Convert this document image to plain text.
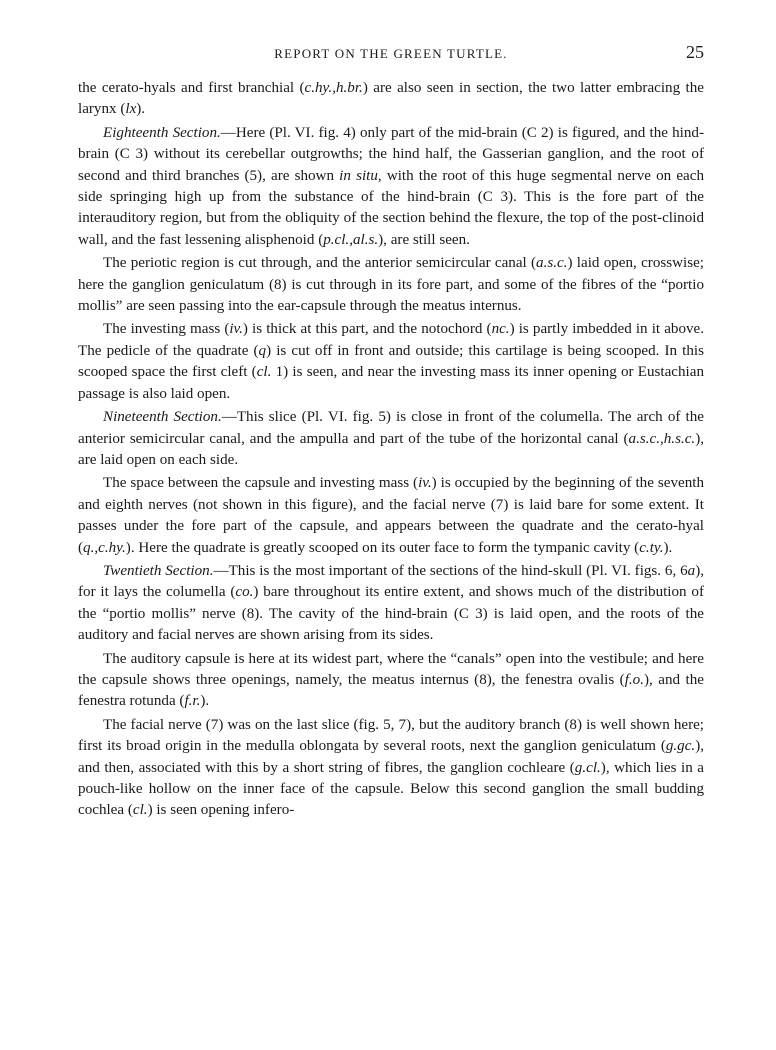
REPORT ON THE GREEN TURTLE.	25

the cerato-hyals and first branchial (c.hy.,h.br.) are also seen in section, the two latter embracing the larynx (lx).

Eighteenth Section.—Here (Pl. VI. fig. 4) only part of the mid-brain (C 2) is figured, and the hind-brain (C 3) without its cerebellar outgrowths; the hind half, the Gasserian ganglion, and the root of second and third branches (5), are shown in situ, with the root of this huge segmental nerve on each side springing high up from the substance of the hind-brain (C 3). This is the fore part of the interauditory region, but from the obliquity of the section behind the flexure, the top of the post-clinoid wall, and the fast lessening alisphenoid (p.cl.,al.s.), are still seen.

The periotic region is cut through, and the anterior semicircular canal (a.s.c.) laid open, crosswise; here the ganglion geniculatum (8) is cut through in its fore part, and some of the fibres of the “portio mollis” are seen passing into the ear-capsule through the meatus internus.

The investing mass (iv.) is thick at this part, and the notochord (nc.) is partly imbedded in it above. The pedicle of the quadrate (q) is cut off in front and outside; this cartilage is being scooped. In this scooped space the first cleft (cl. 1) is seen, and near the investing mass its inner opening or Eustachian passage is also laid open.

Nineteenth Section.—This slice (Pl. VI. fig. 5) is close in front of the columella. The arch of the anterior semicircular canal, and the ampulla and part of the tube of the horizontal canal (a.s.c.,h.s.c.), are laid open on each side.

The space between the capsule and investing mass (iv.) is occupied by the beginning of the seventh and eighth nerves (not shown in this figure), and the facial nerve (7) is laid bare for some extent. It passes under the fore part of the capsule, and appears between the quadrate and the cerato-hyal (q.,c.hy.). Here the quadrate is greatly scooped on its outer face to form the tympanic cavity (c.ty.).

Twentieth Section.—This is the most important of the sections of the hind-skull (Pl. VI. figs. 6, 6a), for it lays the columella (co.) bare throughout its entire extent, and shows much of the distribution of the “portio mollis” nerve (8). The cavity of the hind-brain (C 3) is laid open, and the roots of the auditory and facial nerves are shown arising from its sides.

The auditory capsule is here at its widest part, where the “canals” open into the vestibule; and here the capsule shows three openings, namely, the meatus internus (8), the fenestra ovalis (f.o.), and the fenestra rotunda (f.r.).

The facial nerve (7) was on the last slice (fig. 5, 7), but the auditory branch (8) is well shown here; first its broad origin in the medulla oblongata by several roots, next the ganglion geniculatum (g.gc.), and then, associated with this by a short string of fibres, the ganglion cochleare (g.cl.), which lies in a pouch-like hollow on the inner face of the capsule. Below this second ganglion the small budding cochlea (cl.) is seen opening infero-
